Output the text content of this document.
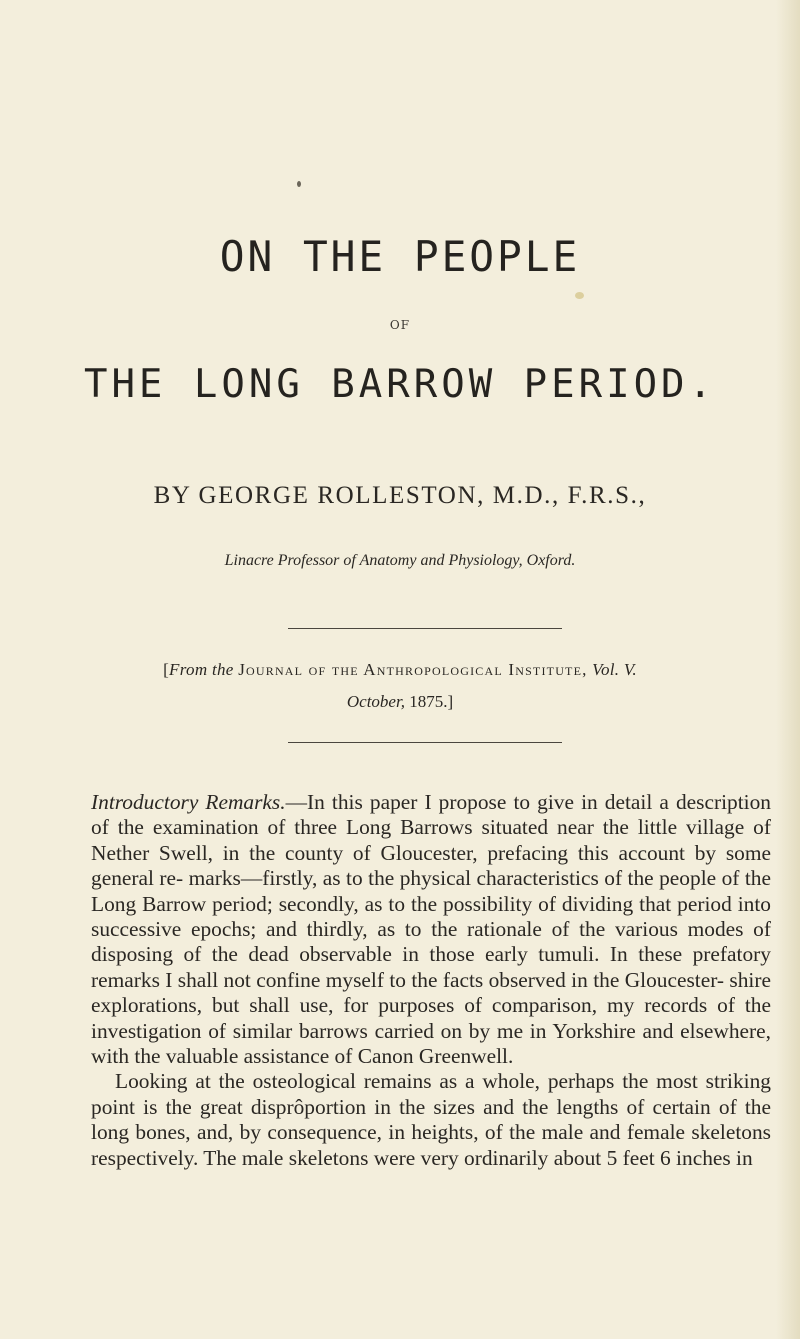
ON THE PEOPLE
OF
THE LONG BARROW PERIOD.
BY GEORGE ROLLESTON, M.D., F.R.S.,
Linacre Professor of Anatomy and Physiology, Oxford.
[From the Journal of the Anthropological Institute, Vol. V.
October, 1875.]

Introductory Remarks.—In this paper I propose to give in detail a description of the examination of three Long Barrows situated near the little village of Nether Swell, in the county of Gloucester, prefacing this account by some general re- marks—firstly, as to the physical characteristics of the people of the Long Barrow period; secondly, as to the possibility of dividing that period into successive epochs; and thirdly, as to the rationale of the various modes of disposing of the dead observable in those early tumuli. In these prefatory remarks I shall not confine myself to the facts observed in the Gloucester- shire explorations, but shall use, for purposes of comparison, my records of the investigation of similar barrows carried on by me in Yorkshire and elsewhere, with the valuable assistance of Canon Greenwell.

Looking at the osteological remains as a whole, perhaps the most striking point is the great disprôportion in the sizes and the lengths of certain of the long bones, and, by consequence, in heights, of the male and female skeletons respectively. The male skeletons were very ordinarily about 5 feet 6 inches in
